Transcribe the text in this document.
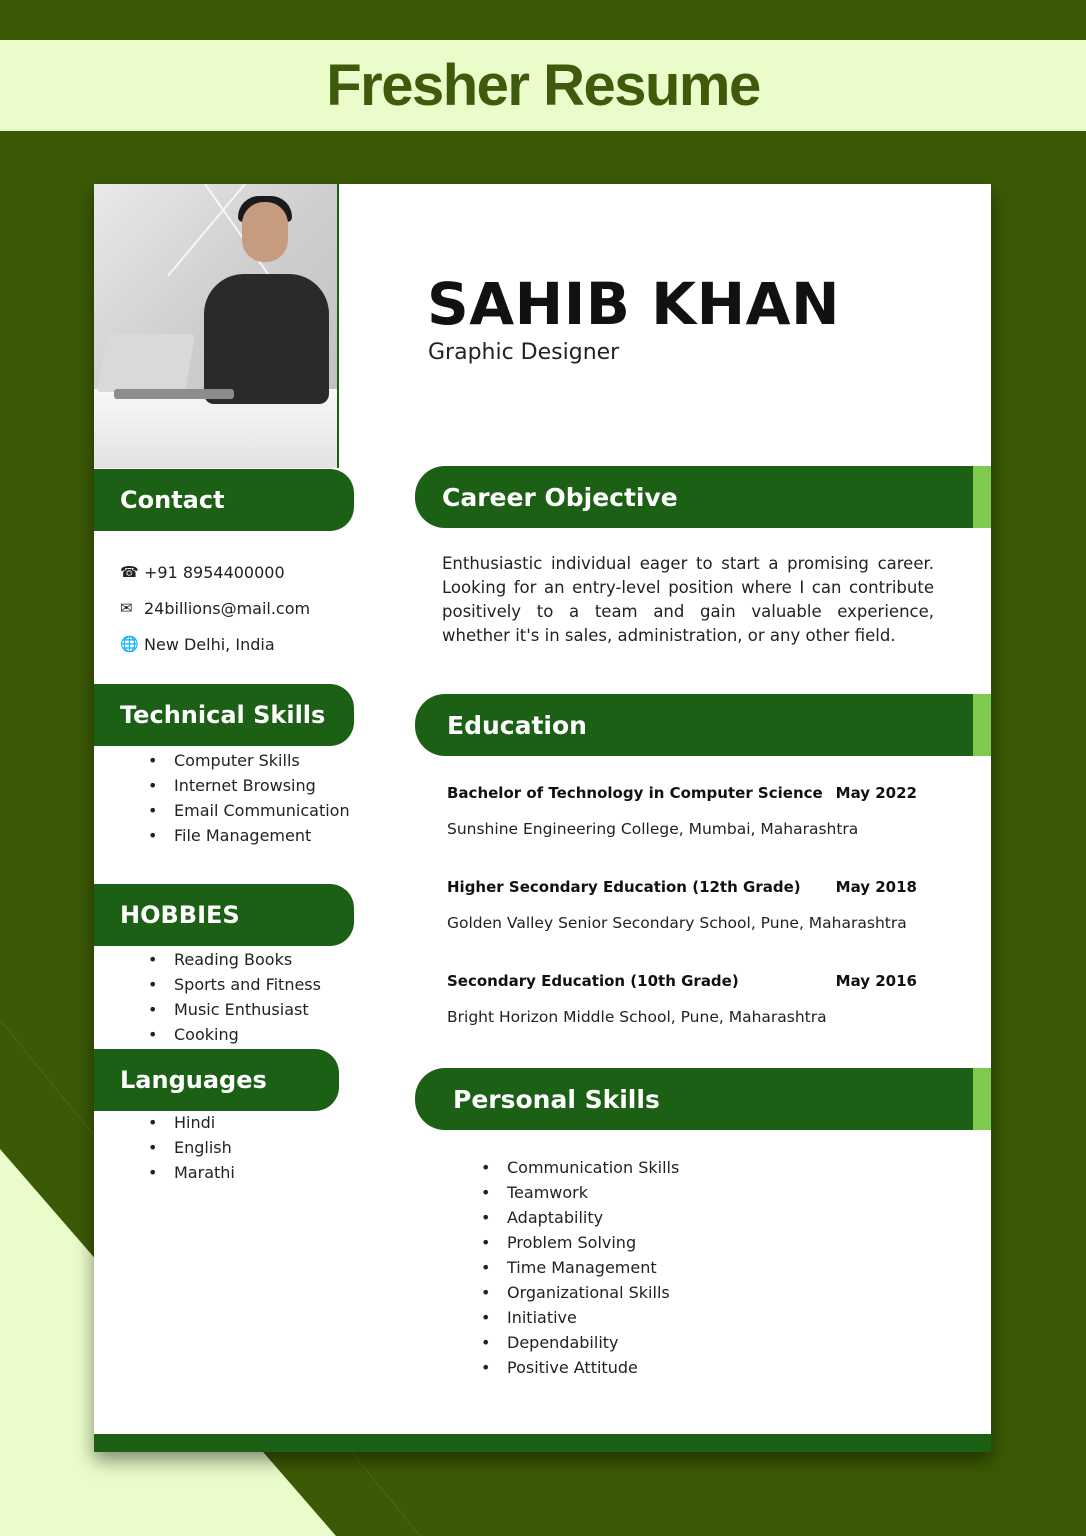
Fresher Resume
Contact
☎ +91 8954400000
✉ 24billions@mail.com
🌐 New Delhi, India
Technical Skills
• Computer Skills
• Internet Browsing
• Email Communication
• File Management
HOBBIES
• Reading Books
• Sports and Fitness
• Music Enthusiast
• Cooking
Languages
• Hindi
• English
• Marathi
SAHIB KHAN
Graphic Designer
Career Objective

Enthusiastic individual eager to start a promising career. Looking for an entry-level position where I can contribute positively to a team and gain valuable experience, whether it's in sales, administration, or any other field.

Education
Bachelor of Technology in Computer Science May 2022
Sunshine Engineering College, Mumbai, Maharashtra
Higher Secondary Education (12th Grade) May 2018
Golden Valley Senior Secondary School, Pune, Maharashtra
Secondary Education (10th Grade)	May 2016
Bright Horizon Middle School, Pune, Maharashtra
Personal Skills
• Communication Skills
• Teamwork
• Adaptability
• Problem Solving
• Time Management
• Organizational Skills
• Initiative
• Dependability
• Positive Attitude
